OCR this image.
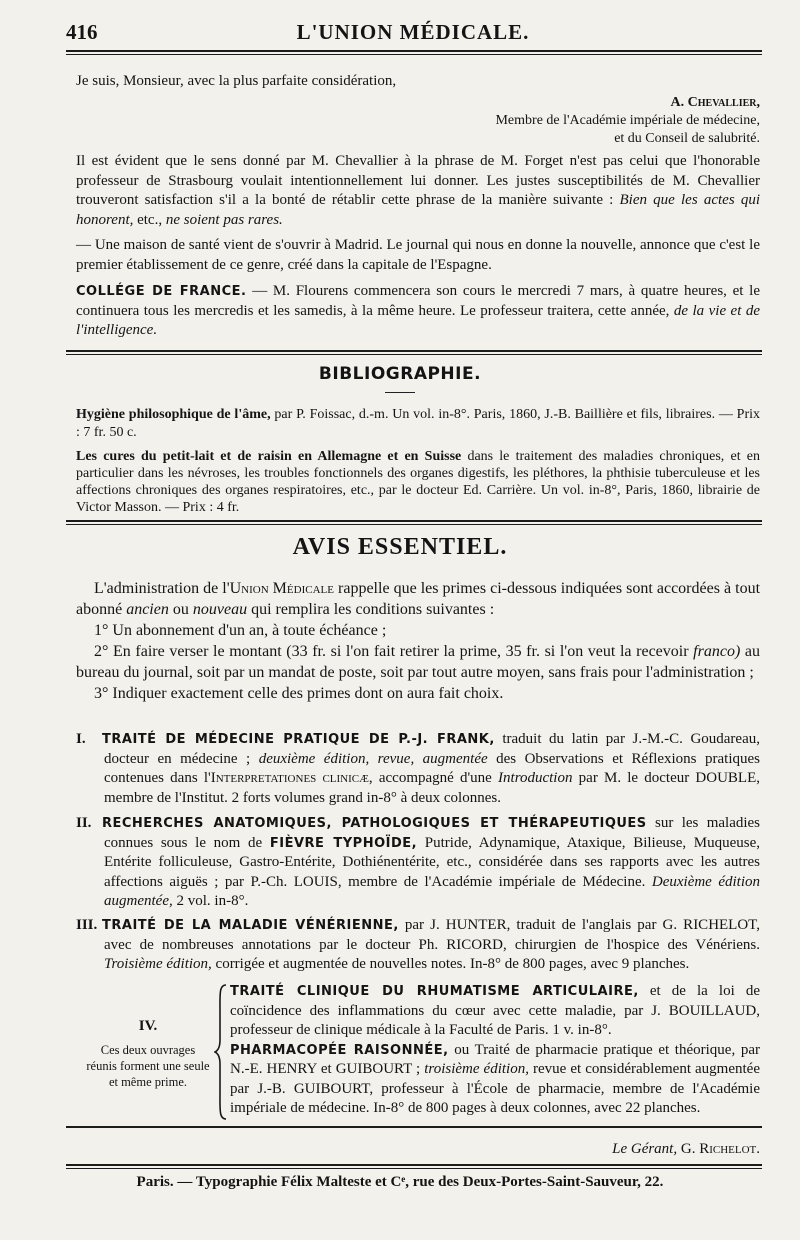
416	L'UNION MÉDICALE.
Je suis, Monsieur, avec la plus parfaite considération,
A. Chevallier,
Membre de l'Académie impériale de médecine,
et du Conseil de salubrité.
Il est évident que le sens donné par M. Chevallier à la phrase de M. Forget n'est pas celui que l'honorable professeur de Strasbourg voulait intentionnellement lui donner. Les justes susceptibilités de M. Chevallier trouveront satisfaction s'il a la bonté de rétablir cette phrase de la manière suivante : Bien que les actes qui honorent, etc., ne soient pas rares.
— Une maison de santé vient de s'ouvrir à Madrid. Le journal qui nous en donne la nouvelle, annonce que c'est le premier établissement de ce genre, créé dans la capitale de l'Espagne.
COLLÉGE DE FRANCE. — M. Flourens commencera son cours le mercredi 7 mars, à quatre heures, et le continuera tous les mercredis et les samedis, à la même heure. Le professeur traitera, cette année, de la vie et de l'intelligence.
BIBLIOGRAPHIE.
Hygiène philosophique de l'âme, par P. Foissac, d.-m. Un vol. in-8°. Paris, 1860, J.-B. Baillière et fils, libraires. — Prix : 7 fr. 50 c.
Les cures du petit-lait et de raisin en Allemagne et en Suisse dans le traitement des maladies chroniques, et en particulier dans les névroses, les troubles fonctionnels des organes digestifs, les pléthores, la phthisie tuberculeuse et les affections chroniques des organes respiratoires, etc., par le docteur Ed. Carrière. Un vol. in-8°, Paris, 1860, librairie de Victor Masson. — Prix : 4 fr.
AVIS ESSENTIEL.

L'administration de l'Union Médicale rappelle que les primes ci-dessous indiquées sont accordées à tout abonné ancien ou nouveau qui remplira les conditions suivantes :

1° Un abonnement d'un an, à toute échéance ;

2° En faire verser le montant (33 fr. si l'on fait retirer la prime, 35 fr. si l'on veut la recevoir franco) au bureau du journal, soit par un mandat de poste, soit par tout autre moyen, sans frais pour l'administration ;

3° Indiquer exactement celle des primes dont on aura fait choix.

I. TRAITÉ DE MÉDECINE PRATIQUE DE P.-J. FRANK, traduit du latin par J.-M.-C. Goudareau, docteur en médecine ; deuxième édition, revue, augmentée des Observations et Réflexions pratiques contenues dans l'Interpretationes clinicæ, accompagné d'une Introduction par M. le docteur DOUBLE, membre de l'Institut. 2 forts volumes grand in-8° à deux colonnes.
II. RECHERCHES ANATOMIQUES, PATHOLOGIQUES ET THÉRAPEUTIQUES sur les maladies connues sous le nom de FIÈVRE TYPHOÏDE, Putride, Adynamique, Ataxique, Bilieuse, Muqueuse, Entérite folliculeuse, Gastro-Entérite, Dothiénentérite, etc., considérée dans ses rapports avec les autres affections aiguës ; par P.-Ch. LOUIS, membre de l'Académie impériale de Médecine. Deuxième édition augmentée, 2 vol. in-8°.
III. TRAITÉ DE LA MALADIE VÉNÉRIENNE, par J. HUNTER, traduit de l'anglais par G. RICHELOT, avec de nombreuses annotations par le docteur Ph. RICORD, chirurgien de l'hospice des Vénériens. Troisième édition, corrigée et augmentée de nouvelles notes. In-8° de 800 pages, avec 9 planches.
IV.
Ces deux ouvrages réunis forment une seule et même prime.
TRAITÉ CLINIQUE DU RHUMATISME ARTICULAIRE, et de la loi de coïncidence des inflammations du cœur avec cette maladie, par J. BOUILLAUD, professeur de clinique médicale à la Faculté de Paris. 1 v. in-8°.
PHARMACOPÉE RAISONNÉE, ou Traité de pharmacie pratique et théorique, par N.-E. HENRY et GUIBOURT ; troisième édition, revue et considérablement augmentée par J.-B. GUIBOURT, professeur à l'École de pharmacie, membre de l'Académie impériale de médecine. In-8° de 800 pages à deux colonnes, avec 22 planches.
Le Gérant, G. Richelot.
Paris. — Typographie Félix Malteste et Cᵉ, rue des Deux-Portes-Saint-Sauveur, 22.
